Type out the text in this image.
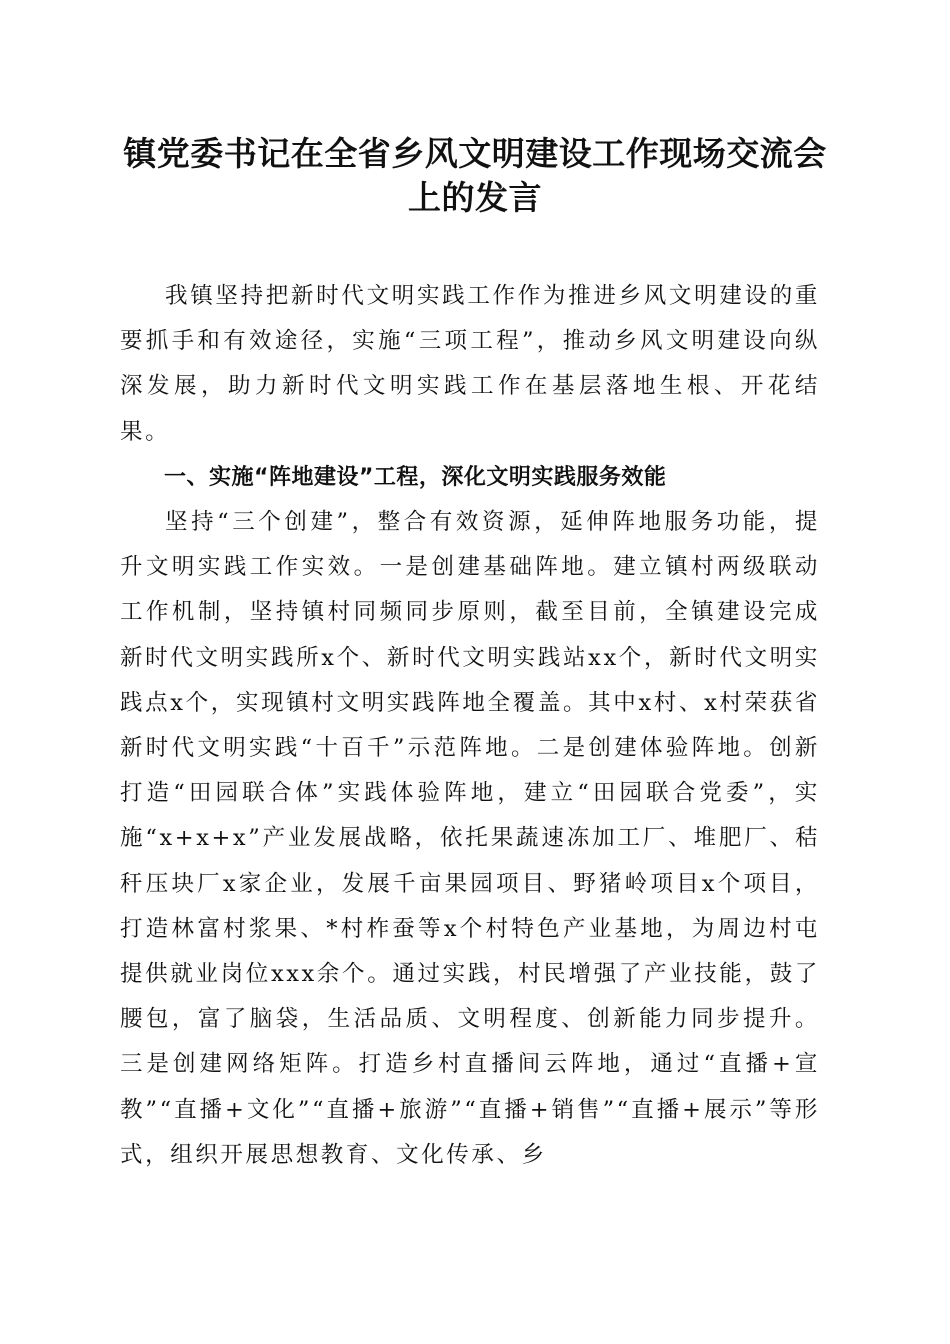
镇党委书记在全省乡风文明建设工作现场交流会上的发言

我镇坚持把新时代文明实践工作作为推进乡风文明建设的重要抓手和有效途径，实施“三项工程”，推动乡风文明建设向纵深发展，助力新时代文明实践工作在基层落地生根、开花结果。

一、实施“阵地建设”工程，深化文明实践服务效能

坚持“三个创建”，整合有效资源，延伸阵地服务功能，提升文明实践工作实效。一是创建基础阵地。建立镇村两级联动工作机制，坚持镇村同频同步原则，截至目前，全镇建设完成新时代文明实践所x个、新时代文明实践站xx个，新时代文明实践点x个，实现镇村文明实践阵地全覆盖。其中x村、x村荣获省新时代文明实践“十百千”示范阵地。二是创建体验阵地。创新打造“田园联合体”实践体验阵地，建立“田园联合党委”，实施“x+x+x”产业发展战略，依托果蔬速冻加工厂、堆肥厂、秸秆压块厂x家企业，发展千亩果园项目、野猪岭项目x个项目，打造林富村浆果、*村柞蚕等x个村特色产业基地，为周边村屯提供就业岗位xxx余个。通过实践，村民增强了产业技能，鼓了腰包，富了脑袋，生活品质、文明程度、创新能力同步提升。三是创建网络矩阵。打造乡村直播间云阵地，通过“直播+宣教”“直播+文化”“直播+旅游”“直播+销售”“直播+展示”等形式，组织开展思想教育、文化传承、乡
